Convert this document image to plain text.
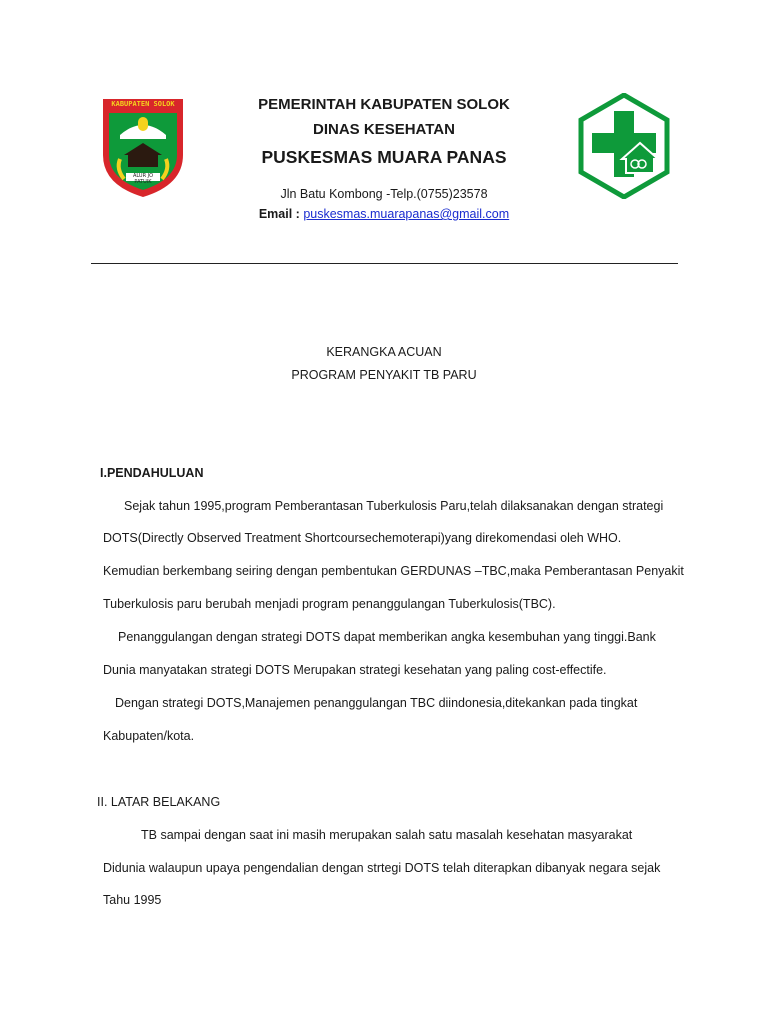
KABUPATEN SOLOK
ALUR JO PATUIK
PEMERINTAH KABUPATEN SOLOK
DINAS KESEHATAN
PUSKESMAS MUARA PANAS
Jln Batu Kombong -Telp.(0755)23578
Email : puskesmas.muarapanas@gmail.com
KERANGKA ACUAN
PROGRAM PENYAKIT TB PARU
I.PENDAHULUAN
Sejak tahun 1995,program Pemberantasan Tuberkulosis Paru,telah dilaksanakan dengan strategi
DOTS(Directly Observed Treatment Shortcoursechemoterapi)yang direkomendasi oleh WHO.
Kemudian berkembang seiring dengan pembentukan GERDUNAS –TBC,maka Pemberantasan Penyakit
Tuberkulosis paru berubah menjadi program penanggulangan Tuberkulosis(TBC).
Penanggulangan dengan strategi DOTS dapat memberikan angka kesembuhan yang tinggi.Bank
Dunia manyatakan strategi DOTS Merupakan strategi kesehatan yang paling cost-effectife.
Dengan strategi DOTS,Manajemen penanggulangan TBC diindonesia,ditekankan pada tingkat
Kabupaten/kota.
II. LATAR BELAKANG
TB sampai dengan saat ini masih merupakan salah satu masalah kesehatan masyarakat
Didunia walaupun upaya pengendalian dengan strtegi DOTS telah diterapkan dibanyak negara sejak
Tahu 1995
